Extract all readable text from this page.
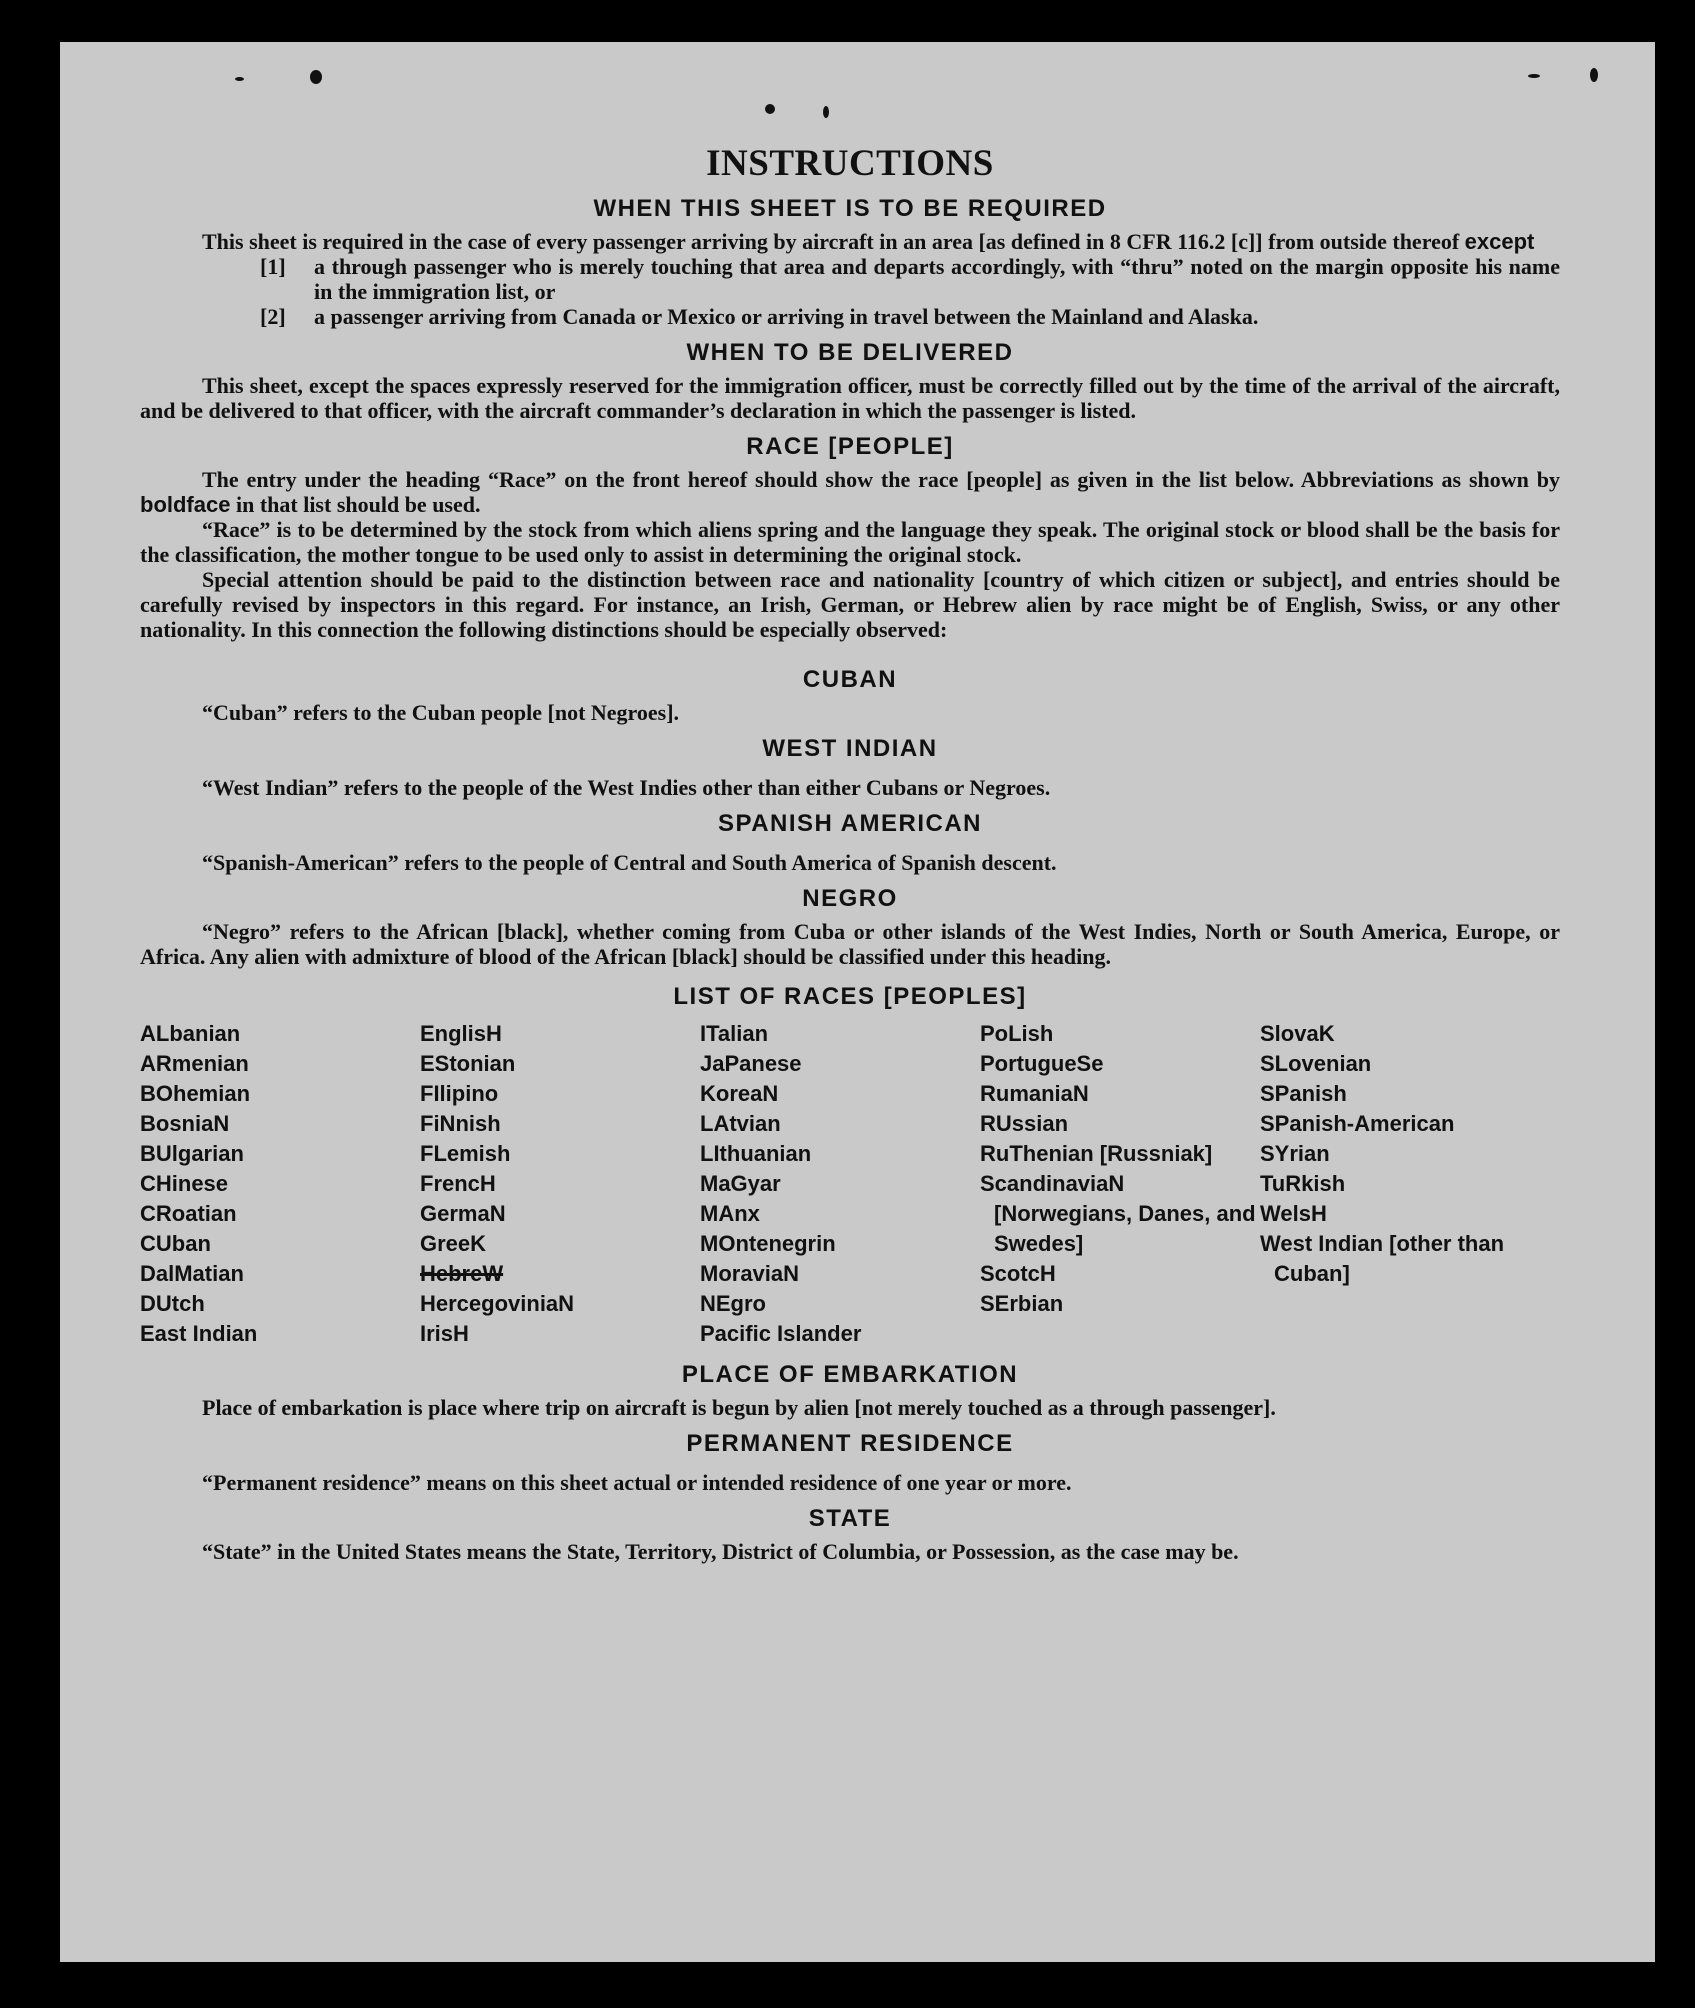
INSTRUCTIONS
WHEN THIS SHEET IS TO BE REQUIRED

This sheet is required in the case of every passenger arriving by aircraft in an area [as defined in 8 CFR 116.2 [c]] from outside thereof except

[1]	a through passenger who is merely touching that area and departs accordingly, with “thru” noted on the margin opposite his name in the immigration list, or
[2]	a passenger arriving from Canada or Mexico or arriving in travel between the Mainland and Alaska.
WHEN TO BE DELIVERED

This sheet, except the spaces expressly reserved for the immigration officer, must be correctly filled out by the time of the arrival of the aircraft, and be delivered to that officer, with the aircraft commander’s declaration in which the passenger is listed.

RACE [PEOPLE]

The entry under the heading “Race” on the front hereof should show the race [people] as given in the list below. Abbreviations as shown by boldface in that list should be used.

“Race” is to be determined by the stock from which aliens spring and the language they speak. The original stock or blood shall be the basis for the classification, the mother tongue to be used only to assist in determining the original stock.

Special attention should be paid to the distinction between race and nationality [country of which citizen or subject], and entries should be carefully revised by inspectors in this regard. For instance, an Irish, German, or Hebrew alien by race might be of English, Swiss, or any other nationality. In this connection the following distinctions should be especially observed:

CUBAN

“Cuban” refers to the Cuban people [not Negroes].

WEST INDIAN

“West Indian” refers to the people of the West Indies other than either Cubans or Negroes.

SPANISH AMERICAN

“Spanish-American” refers to the people of Central and South America of Spanish descent.

NEGRO

“Negro” refers to the African [black], whether coming from Cuba or other islands of the West Indies, North or South America, Europe, or Africa. Any alien with admixture of blood of the African [black] should be classified under this heading.

LIST OF RACES [PEOPLES]
ALbanian
ARmenian
BOhemian
BosniaN
BUlgarian
CHinese
CRoatian
CUban
DalMatian
DUtch
East Indian
EnglisH
EStonian
FIlipino
FiNnish
FLemish
FrencH
GermaN
GreeK
HebreW
HercegoviniaN
IrisH
ITalian
JaPanese
KoreaN
LAtvian
LIthuanian
MaGyar
MAnx
MOntenegrin
MoraviaN
NEgro
Pacific Islander
PoLish
PortugueSe
RumaniaN
RUssian
RuThenian [Russniak]
ScandinaviaN [Norwegians, Danes, and Swedes]
ScotcH
SErbian
SlovaK
SLovenian
SPanish
SPanish-American
SYrian
TuRkish
WelsH
West Indian [other than Cuban]
PLACE OF EMBARKATION

Place of embarkation is place where trip on aircraft is begun by alien [not merely touched as a through passenger].

PERMANENT RESIDENCE

“Permanent residence” means on this sheet actual or intended residence of one year or more.

STATE

“State” in the United States means the State, Territory, District of Columbia, or Possession, as the case may be.
